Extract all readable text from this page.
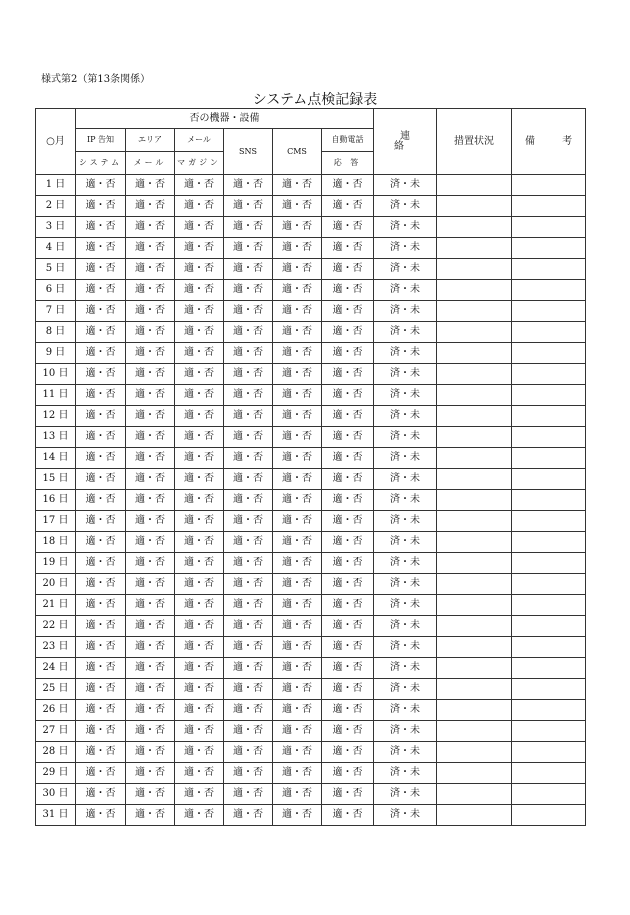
様式第2（第13条関係）
システム点検記録表
○月	否の機器・設備						連 絡	措置状況	備 考
	IP 告知	エリア	メール	SNS	CMS	自動電話			
	システム	メール	マガジン			応 答			
1 日	適・否	適・否	適・否	適・否	適・否	適・否	済・未		
2 日	適・否	適・否	適・否	適・否	適・否	適・否	済・未		
3 日	適・否	適・否	適・否	適・否	適・否	適・否	済・未		
4 日	適・否	適・否	適・否	適・否	適・否	適・否	済・未		
5 日	適・否	適・否	適・否	適・否	適・否	適・否	済・未		
6 日	適・否	適・否	適・否	適・否	適・否	適・否	済・未		
7 日	適・否	適・否	適・否	適・否	適・否	適・否	済・未		
8 日	適・否	適・否	適・否	適・否	適・否	適・否	済・未		
9 日	適・否	適・否	適・否	適・否	適・否	適・否	済・未		
10 日	適・否	適・否	適・否	適・否	適・否	適・否	済・未		
11 日	適・否	適・否	適・否	適・否	適・否	適・否	済・未		
12 日	適・否	適・否	適・否	適・否	適・否	適・否	済・未		
13 日	適・否	適・否	適・否	適・否	適・否	適・否	済・未		
14 日	適・否	適・否	適・否	適・否	適・否	適・否	済・未		
15 日	適・否	適・否	適・否	適・否	適・否	適・否	済・未		
16 日	適・否	適・否	適・否	適・否	適・否	適・否	済・未		
17 日	適・否	適・否	適・否	適・否	適・否	適・否	済・未		
18 日	適・否	適・否	適・否	適・否	適・否	適・否	済・未		
19 日	適・否	適・否	適・否	適・否	適・否	適・否	済・未		
20 日	適・否	適・否	適・否	適・否	適・否	適・否	済・未		
21 日	適・否	適・否	適・否	適・否	適・否	適・否	済・未		
22 日	適・否	適・否	適・否	適・否	適・否	適・否	済・未		
23 日	適・否	適・否	適・否	適・否	適・否	適・否	済・未		
24 日	適・否	適・否	適・否	適・否	適・否	適・否	済・未		
25 日	適・否	適・否	適・否	適・否	適・否	適・否	済・未		
26 日	適・否	適・否	適・否	適・否	適・否	適・否	済・未		
27 日	適・否	適・否	適・否	適・否	適・否	適・否	済・未		
28 日	適・否	適・否	適・否	適・否	適・否	適・否	済・未		
29 日	適・否	適・否	適・否	適・否	適・否	適・否	済・未		
30 日	適・否	適・否	適・否	適・否	適・否	適・否	済・未		
31 日	適・否	適・否	適・否	適・否	適・否	適・否	済・未		
